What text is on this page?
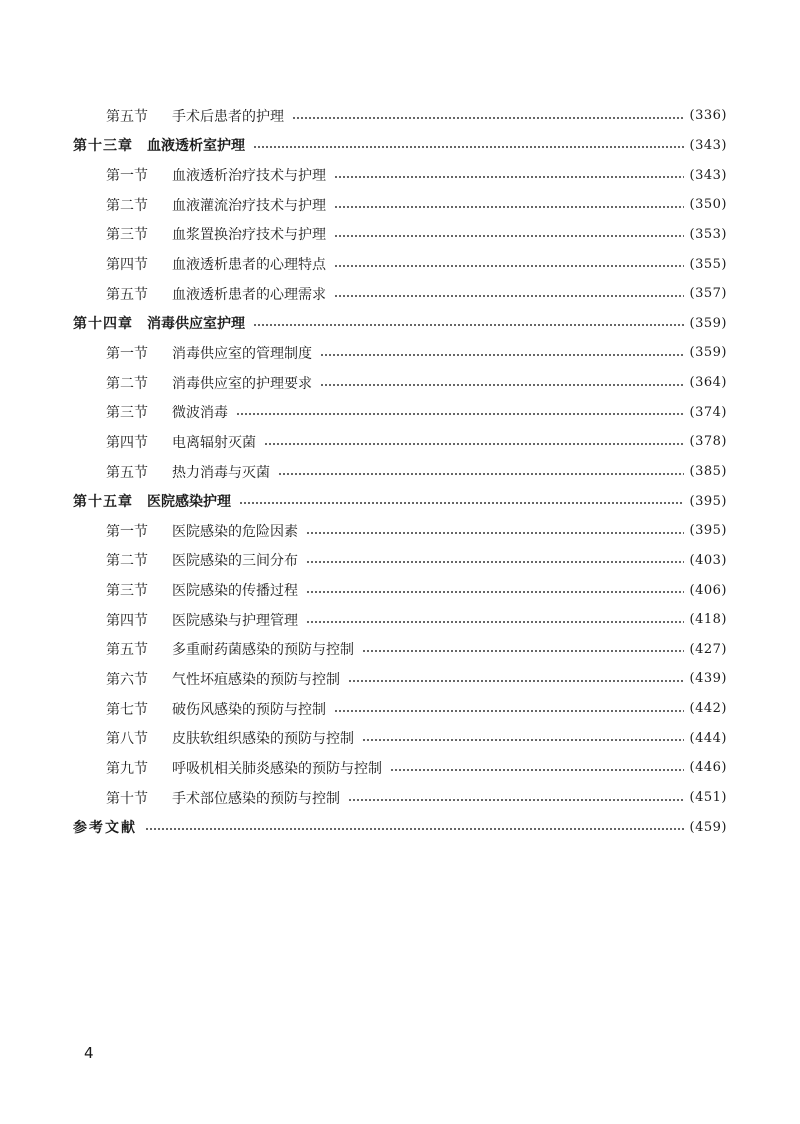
第五节	手术后患者的护理	(336)
第十三章 血液透析室护理	(343)
第一节	血液透析治疗技术与护理	(343)
第二节	血液灌流治疗技术与护理	(350)
第三节	血浆置换治疗技术与护理	(353)
第四节	血液透析患者的心理特点	(355)
第五节	血液透析患者的心理需求	(357)
第十四章 消毒供应室护理	(359)
第一节	消毒供应室的管理制度	(359)
第二节	消毒供应室的护理要求	(364)
第三节	微波消毒	(374)
第四节	电离辐射灭菌	(378)
第五节	热力消毒与灭菌	(385)
第十五章 医院感染护理	(395)
第一节	医院感染的危险因素	(395)
第二节	医院感染的三间分布	(403)
第三节	医院感染的传播过程	(406)
第四节	医院感染与护理管理	(418)
第五节	多重耐药菌感染的预防与控制	(427)
第六节	气性坏疽感染的预防与控制	(439)
第七节	破伤风感染的预防与控制	(442)
第八节	皮肤软组织感染的预防与控制	(444)
第九节	呼吸机相关肺炎感染的预防与控制	(446)
第十节	手术部位感染的预防与控制	(451)
参考文献	(459)
4
